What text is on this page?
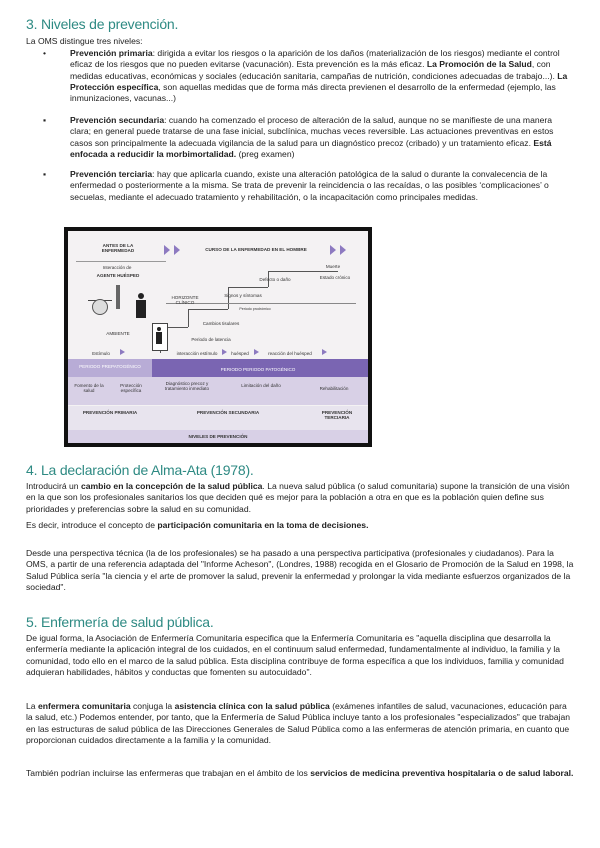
3. Niveles de prevención.

La OMS distingue tres niveles:

•	Prevención primaria: dirigida a evitar los riesgos o la aparición de los daños (materialización de los riesgos) mediante el control eficaz de los riesgos que no pueden evitarse (vacunación). Esta prevención es la más eficaz. La Promoción de la Salud, con medidas educativas, económicas y sociales (educación sanitaria, campañas de nutrición, condiciones adecuadas de trabajo...). La Protección específica, son aquellas medidas que de forma más directa previenen el desarrollo de la enfermedad (ejemplo, las inmunizaciones, vacunas...)
▪	Prevención secundaria: cuando ha comenzado el proceso de alteración de la salud, aunque no se manifieste de una manera clara; en general puede tratarse de una fase inicial, subclínica, muchas veces reversible. Las actuaciones preventivas en estos casos son principalmente la adecuada vigilancia de la salud para un diagnóstico precoz (cribado) y un tratamiento eficaz. Está enfocada a reducidir la morbimortalidad. (preg examen)
▪	Prevención terciaria: hay que aplicarla cuando, existe una alteración patológica de la salud o durante la convalecencia de la enfermedad o posteriormente a la misma. Se trata de prevenir la reincidencia o las recaídas, o las posibles ‘complicaciones’ o secuelas, mediante el adecuado tratamiento y rehabilitación, o la incapacitación como principales medidas.
ANTES DE LA ENFERMEDAD	CURSO DE LA ENFERMEDAD EN EL HOMBRE
Interacción de
AGENTE HUÉSPED
AMBIENTE
Muerte
Estado crónico
Defecto o daño
HORIZONTE CLÍNICO
Signos y síntomas
Periodo prodrómico
Cambios tisulares
Periodo de latencia
Estímulo	interacción estímulo	huésped	reacción del huésped
PERIODO PREPATOGÉNICO
PERIODO PERIODO PATOGÉNICO
Fomento de la salud
Protección específica
Diagnóstico precoz y tratamiento inmediato
Limitación del daño
Rehabilitación
PREVENCIÓN PRIMARIA	PREVENCIÓN SECUNDARIA	PREVENCIÓN TERCIARIA
NIVELES DE PREVENCIÓN
4. La declaración de Alma-Ata (1978).

Introducirá un cambio en la concepción de la salud pública. La nueva salud pública (o salud comunitaria) supone la transición de una visión en la que son los profesionales sanitarios los que deciden qué es mejor para la población a otra en que es la población quien define sus prioridades y preferencias sobre la salud en su comunidad.

Es decir, introduce el concepto de participación comunitaria en la toma de decisiones.

Desde una perspectiva técnica (la de los profesionales) se ha pasado a una perspectiva participativa (profesionales y ciudadanos). Para la OMS, a partir de una referencia adaptada del "Informe Acheson", (Londres, 1988) recogida en el Glosario de Promoción de la Salud en 1998, la Salud Pública sería "la ciencia y el arte de promover la salud, prevenir la enfermedad y prolongar la vida mediante esfuerzos organizados de la sociedad".

5. Enfermería de salud pública.

De igual forma, la Asociación de Enfermería Comunitaria especifica que la Enfermería Comunitaria es "aquella disciplina que desarrolla la enfermería mediante la aplicación integral de los cuidados, en el continuum salud enfermedad, fundamentalmente al individuo, la familia y la comunidad, todo ello en el marco de la salud pública. Esta disciplina contribuye de forma específica a que los individuos, familia y comunidad adquieran habilidades, hábitos y conductas que fomenten su autocuidado".

La enfermera comunitaria conjuga la asistencia clínica con la salud pública (exámenes infantiles de salud, vacunaciones, educación para la salud, etc.) Podemos entender, por tanto, que la Enfermería de Salud Pública incluye tanto a los profesionales "especializados" que trabajan en las estructuras de salud pública de las Direcciones Generales de Salud Pública como a las enfermeras de atención primaria, en cuanto que proporcionan cuidados directamente a la familia y la comunidad.

También podrían incluirse las enfermeras que trabajan en el ámbito de los servicios de medicina preventiva hospitalaria o de salud laboral.
